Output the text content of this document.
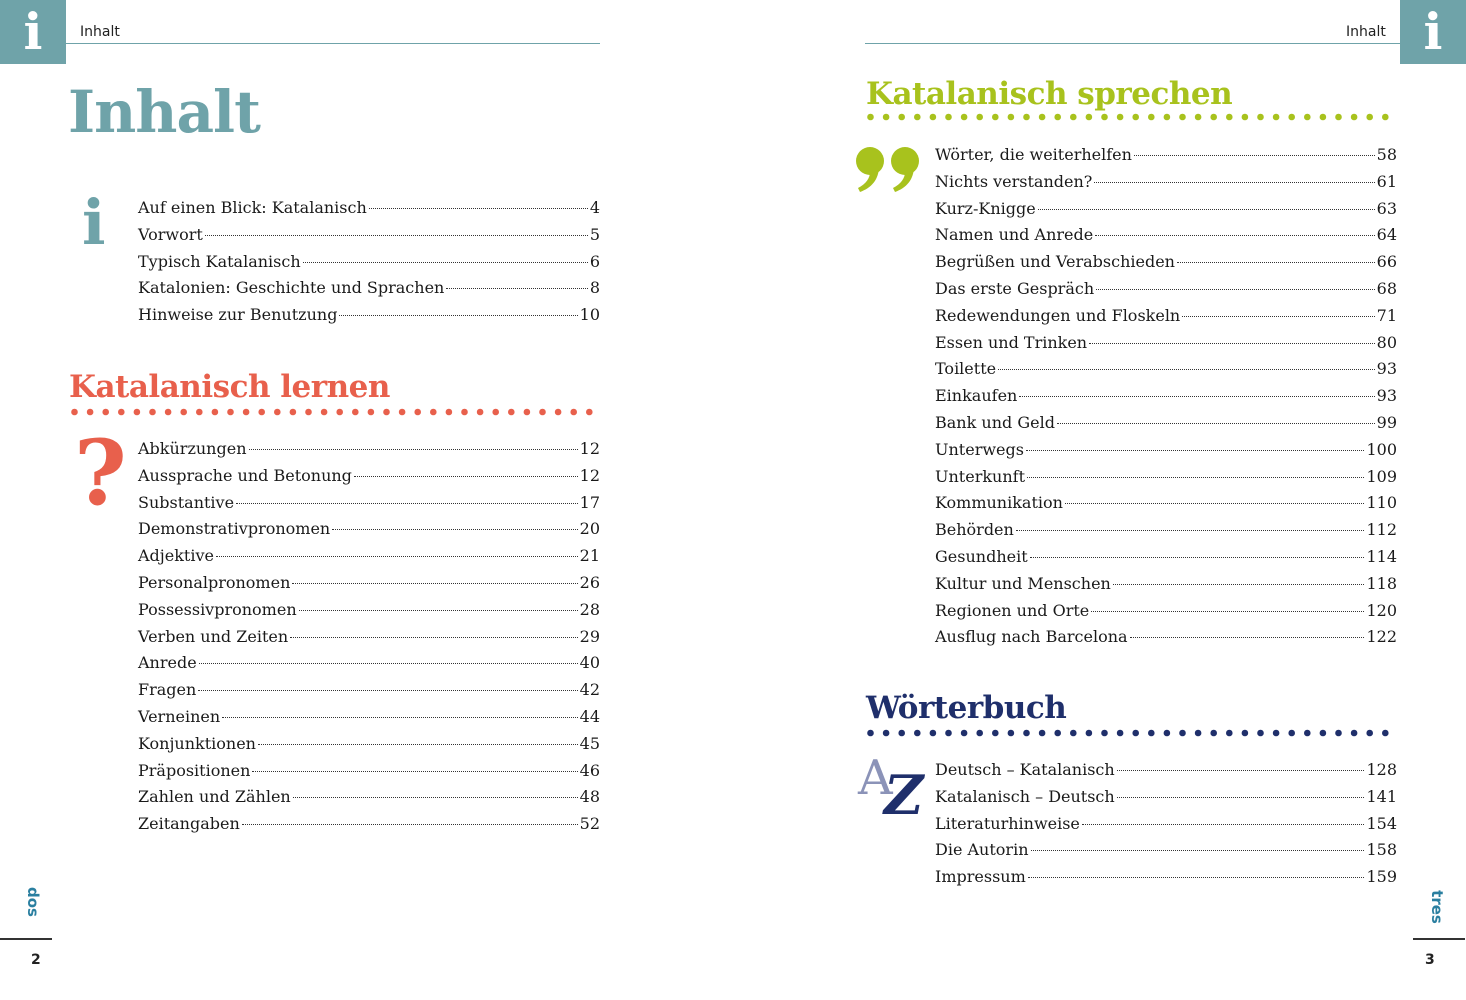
i	Inhalt
Inhalt
i Auf einen Blick: Katalanisch	4
Vorwort	5
Typisch Katalanisch	6
Katalonien: Geschichte und Sprachen	8
Hinweise zur Benutzung	10
Katalanisch lernen
? Abkürzungen	12
Aussprache und Betonung	12
Substantive	17
Demonstrativpronomen	20
Adjektive	21
Personalpronomen	26
Possessivpronomen	28
Verben und Zeiten	29
Anrede	40
Fragen	42
Verneinen	44
Konjunktionen	45
Präpositionen	46
Zahlen und Zählen	48
Zeitangaben	52
dos
2
i
Inhalt
Katalanisch sprechen
Wörter, die weiterhelfen	58
Nichts verstanden?	61
Kurz-Knigge	63
Namen und Anrede	64
Begrüßen und Verabschieden	66
Das erste Gespräch	68
Redewendungen und Floskeln	71
Essen und Trinken	80
Toilette	93
Einkaufen	93
Bank und Geld	99
Unterwegs	100
Unterkunft	109
Kommunikation	110
Behörden	112
Gesundheit	114
Kultur und Menschen	118
Regionen und Orte	120
Ausflug nach Barcelona	122
Wörterbuch
A
Z Deutsch – Katalanisch	128
Katalanisch – Deutsch	141
Literaturhinweise	154
Die Autorin	158
Impressum	159
tres
3
